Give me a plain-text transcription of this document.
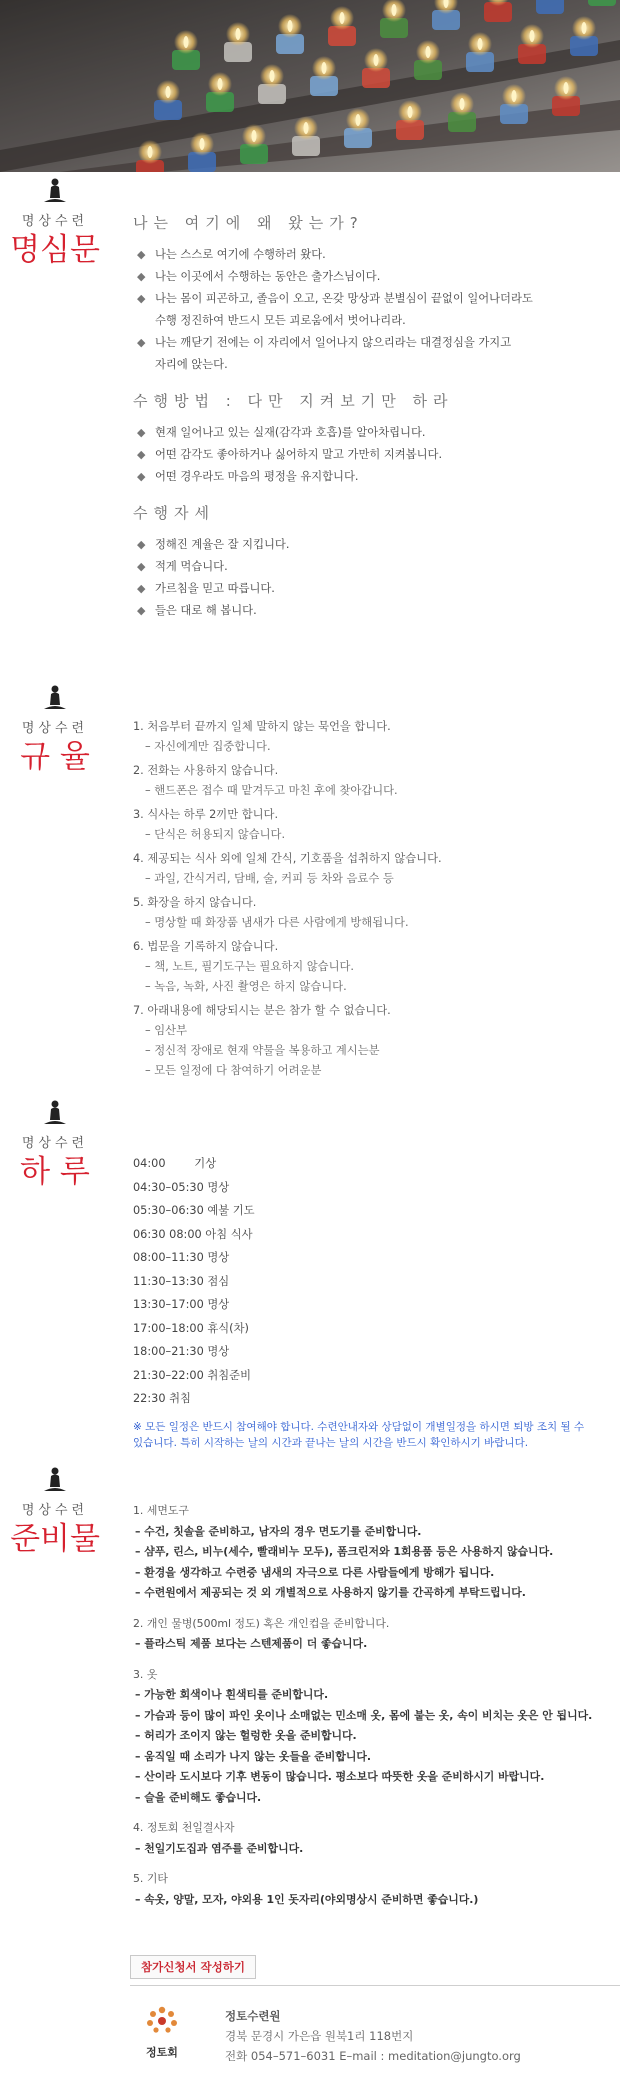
명상수련
명심문
나는 여기에 왜 왔는가?
◆ 나는 스스로 여기에 수행하러 왔다.
◆ 나는 이곳에서 수행하는 동안은 출가스님이다.
◆ 나는 몸이 피곤하고, 졸음이 오고, 온갖 망상과 분별심이 끝없이 일어나더라도
수행 정진하여 반드시 모든 괴로움에서 벗어나리라.
◆ 나는 깨닫기 전에는 이 자리에서 일어나지 않으리라는 대결정심을 가지고
자리에 앉는다.
수행방법 : 다만 지켜보기만 하라
◆ 현재 일어나고 있는 실재(감각과 호흡)를 알아차립니다.
◆ 어떤 감각도 좋아하거나 싫어하지 말고 가만히 지켜봅니다.
◆ 어떤 경우라도 마음의 평정을 유지합니다.
수행자세
◆ 정해진 계율은 잘 지킵니다.
◆ 적게 먹습니다.
◆ 가르침을 믿고 따릅니다.
◆ 들은 대로 해 봅니다.
명상수련
규 율
1. 처음부터 끝까지 일체 말하지 않는 묵언을 합니다.
– 자신에게만 집중합니다.
2. 전화는 사용하지 않습니다.
– 핸드폰은 접수 때 맡겨두고 마친 후에 찾아갑니다.
3. 식사는 하루 2끼만 합니다.
– 단식은 허용되지 않습니다.
4. 제공되는 식사 외에 일체 간식, 기호품을 섭취하지 않습니다.
– 과일, 간식거리, 담배, 술, 커피 등 차와 음료수 등
5. 화장을 하지 않습니다.
– 명상할 때 화장품 냄새가 다른 사람에게 방해됩니다.
6. 법문을 기록하지 않습니다.
– 책, 노트, 필기도구는 필요하지 않습니다.
– 녹음, 녹화, 사진 촬영은 하지 않습니다.
7. 아래내용에 해당되시는 분은 참가 할 수 없습니다.
– 임산부
– 정신적 장애로 현재 약물을 복용하고 계시는분
– 모든 일정에 다 참여하기 어려운분
명상수련
하 루	04:00        기상
04:30–05:30 명상
05:30–06:30 예불 기도
06:30 08:00 아침 식사
08:00–11:30 명상
11:30–13:30 점심
13:30–17:00 명상
17:00–18:00 휴식(차)
18:00–21:30 명상
21:30–22:00 취침준비
22:30 취침
※ 모든 일정은 반드시 참여해야 합니다. 수련안내자와 상담없이 개별일정을 하시면 퇴방 조치 될 수
있습니다. 특히 시작하는 날의 시간과 끝나는 날의 시간을 반드시 확인하시기 바랍니다.
명상수련
준비물
1. 세면도구
– 수건, 칫솔을 준비하고, 남자의 경우 면도기를 준비합니다.
– 샴푸, 린스, 비누(세수, 빨래비누 모두), 폼크린저와 1회용품 등은 사용하지 않습니다.
– 환경을 생각하고 수련중 냄새의 자극으로 다른 사람들에게 방해가 됩니다.
– 수련원에서 제공되는 것 외 개별적으로 사용하지 않기를 간곡하게 부탁드립니다.
2. 개인 물병(500ml 정도) 혹은 개인컵을 준비합니다.
– 플라스틱 제품 보다는 스텐제품이 더 좋습니다.
3. 옷
– 가능한 회색이나 흰색티를 준비합니다.
– 가슴과 등이 많이 파인 옷이나 소매없는 민소매 옷, 몸에 붙는 옷, 속이 비치는 옷은 안 됩니다.
– 허리가 조이지 않는 헐렁한 옷을 준비합니다.
– 움직일 때 소리가 나지 않는 옷들을 준비합니다.
– 산이라 도시보다 기후 변동이 많습니다. 평소보다 따뜻한 옷을 준비하시기 바랍니다.
– 슬을 준비해도 좋습니다.
4. 정토회 천일결사자
– 천일기도집과 염주를 준비합니다.
5. 기타
– 속옷, 양말, 모자, 야외용 1인 돗자리(야외명상시 준비하면 좋습니다.)
참가신청서 작성하기
정토회
정토수련원
경북 문경시 가은읍 원북1리 118번지
전화 054–571–6031 E–mail : meditation@jungto.org
